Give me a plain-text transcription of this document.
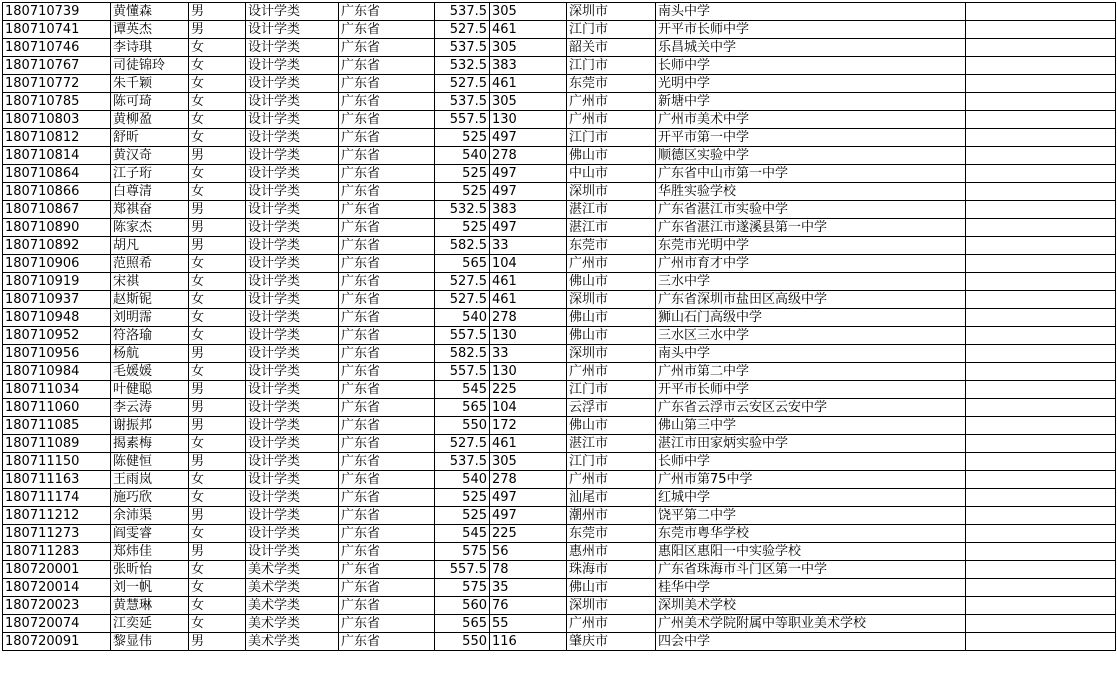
180710739	黄懂森	男	设计学类	广东省	537.5	305	深圳市	南头中学	
180710741	谭英杰	男	设计学类	广东省	527.5	461	江门市	开平市长师中学	
180710746	李诗琪	女	设计学类	广东省	537.5	305	韶关市	乐昌城关中学	
180710767	司徒锦玲	女	设计学类	广东省	532.5	383	江门市	长师中学	
180710772	朱千颖	女	设计学类	广东省	527.5	461	东莞市	光明中学	
180710785	陈可琦	女	设计学类	广东省	537.5	305	广州市	新塘中学	
180710803	黄柳盈	女	设计学类	广东省	557.5	130	广州市	广州市美术中学	
180710812	舒昕	女	设计学类	广东省	525	497	江门市	开平市第一中学	
180710814	黄汉奇	男	设计学类	广东省	540	278	佛山市	顺德区实验中学	
180710864	江子珩	女	设计学类	广东省	525	497	中山市	广东省中山市第一中学	
180710866	白尊清	女	设计学类	广东省	525	497	深圳市	华胜实验学校	
180710867	郑祺奋	男	设计学类	广东省	532.5	383	湛江市	广东省湛江市实验中学	
180710890	陈家杰	男	设计学类	广东省	525	497	湛江市	广东省湛江市遂溪县第一中学	
180710892	胡凡	男	设计学类	广东省	582.5	33	东莞市	东莞市光明中学	
180710906	范照希	女	设计学类	广东省	565	104	广州市	广州市育才中学	
180710919	宋祺	女	设计学类	广东省	527.5	461	佛山市	三水中学	
180710937	赵斯铌	女	设计学类	广东省	527.5	461	深圳市	广东省深圳市盐田区高级中学	
180710948	刘明霈	女	设计学类	广东省	540	278	佛山市	狮山石门高级中学	
180710952	符洛瑜	女	设计学类	广东省	557.5	130	佛山市	三水区三水中学	
180710956	杨航	男	设计学类	广东省	582.5	33	深圳市	南头中学	
180710984	毛媛媛	女	设计学类	广东省	557.5	130	广州市	广州市第二中学	
180711034	叶健聪	男	设计学类	广东省	545	225	江门市	开平市长师中学	
180711060	李云涛	男	设计学类	广东省	565	104	云浮市	广东省云浮市云安区云安中学	
180711085	谢振邦	男	设计学类	广东省	550	172	佛山市	佛山第三中学	
180711089	揭素梅	女	设计学类	广东省	527.5	461	湛江市	湛江市田家炳实验中学	
180711150	陈健恒	男	设计学类	广东省	537.5	305	江门市	长师中学	
180711163	王雨岚	女	设计学类	广东省	540	278	广州市	广州市第75中学	
180711174	施巧欣	女	设计学类	广东省	525	497	汕尾市	红城中学	
180711212	余沛渠	男	设计学类	广东省	525	497	潮州市	饶平第二中学	
180711273	阎雯睿	女	设计学类	广东省	545	225	东莞市	东莞市粤华学校	
180711283	郑炜佳	男	设计学类	广东省	575	56	惠州市	惠阳区惠阳一中实验学校	
180720001	张昕怡	女	美术学类	广东省	557.5	78	珠海市	广东省珠海市斗门区第一中学	
180720014	刘一帆	女	美术学类	广东省	575	35	佛山市	桂华中学	
180720023	黄慧琳	女	美术学类	广东省	560	76	深圳市	深圳美术学校	
180720074	江奕延	女	美术学类	广东省	565	55	广州市	广州美术学院附属中等职业美术学校	
180720091	黎显伟	男	美术学类	广东省	550	116	肇庆市	四会中学	
